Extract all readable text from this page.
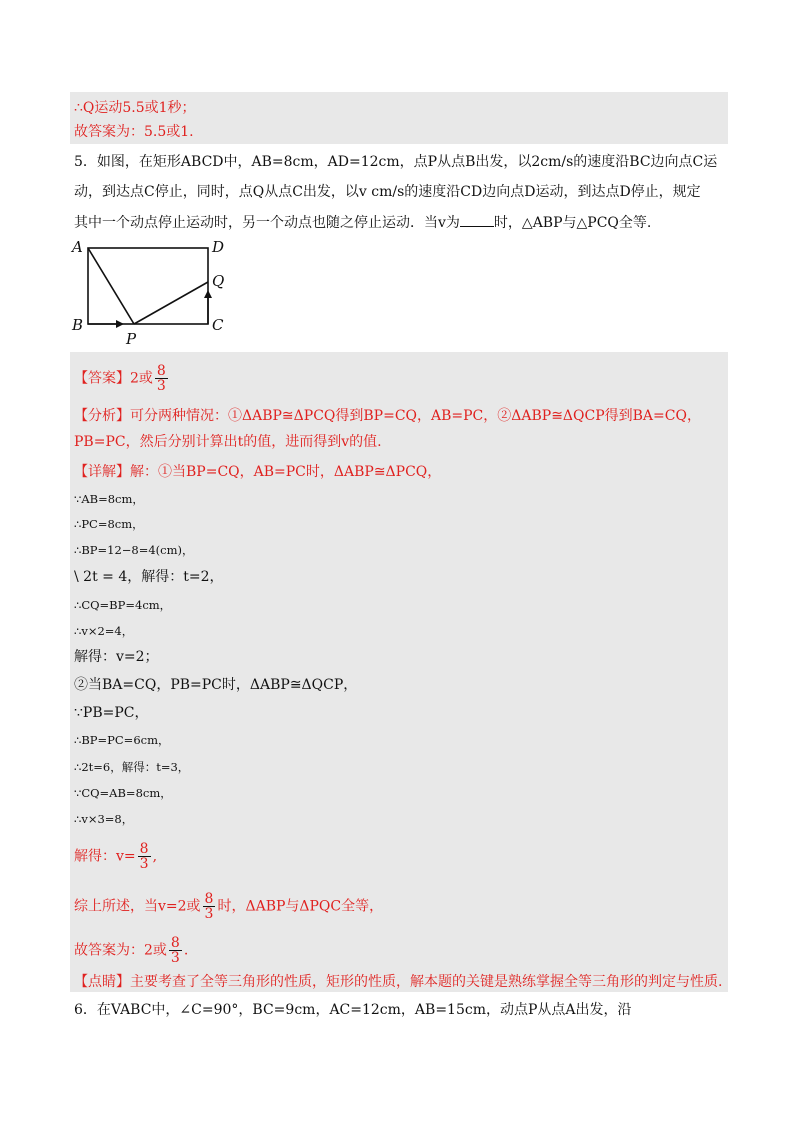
∴Q运动5.5或1秒；
故答案为：5.5或1.
5．如图，在矩形ABCD中，AB=8cm，AD=12cm，点P从点B出发，以2cm/s的速度沿BC边向点C运
动，到达点C停止，同时，点Q从点C出发，以v cm/s的速度沿CD边向点D运动，到达点D停止，规定
其中一个动点停止运动时，另一个动点也随之停止运动．当v为 时，△ABP与△PCQ全等.
A	D
Q
B	C
P
【答案】2或 $\frac{8}{3}$
【分析】可分两种情况：①ΔABP≅ΔPCQ得到BP=CQ，AB=PC，②ΔABP≅ΔQCP得到BA=CQ，
PB=PC，然后分别计算出t的值，进而得到v的值.
【详解】解：①当BP=CQ，AB=PC时，ΔABP≅ΔPCQ，
∵AB=8cm，
∴PC=8cm，
∴BP=12−8=4(cm)，
\ 2t = 4，解得：t=2，
∴CQ=BP=4cm，
∴v×2=4，
解得：v=2；
②当BA=CQ，PB=PC时，ΔABP≅ΔQCP，
∵PB=PC，
∴BP=PC=6cm，
∴2t=6，解得：t=3，
∵CQ=AB=8cm，
∴v×3=8，
解得：$v= \frac{8}{3}$ ,
综上所述，当v=2或 $\frac{8}{3}$ 时，ΔABP与ΔPQC全等，
故答案为：2或 $\frac{8}{3}$ .
【点睛】主要考查了全等三角形的性质，矩形的性质，解本题的关键是熟练掌握全等三角形的判定与性质.
6．在VABC中，∠C=90°，BC=9cm，AC=12cm，AB=15cm，动点P从点A出发，沿
